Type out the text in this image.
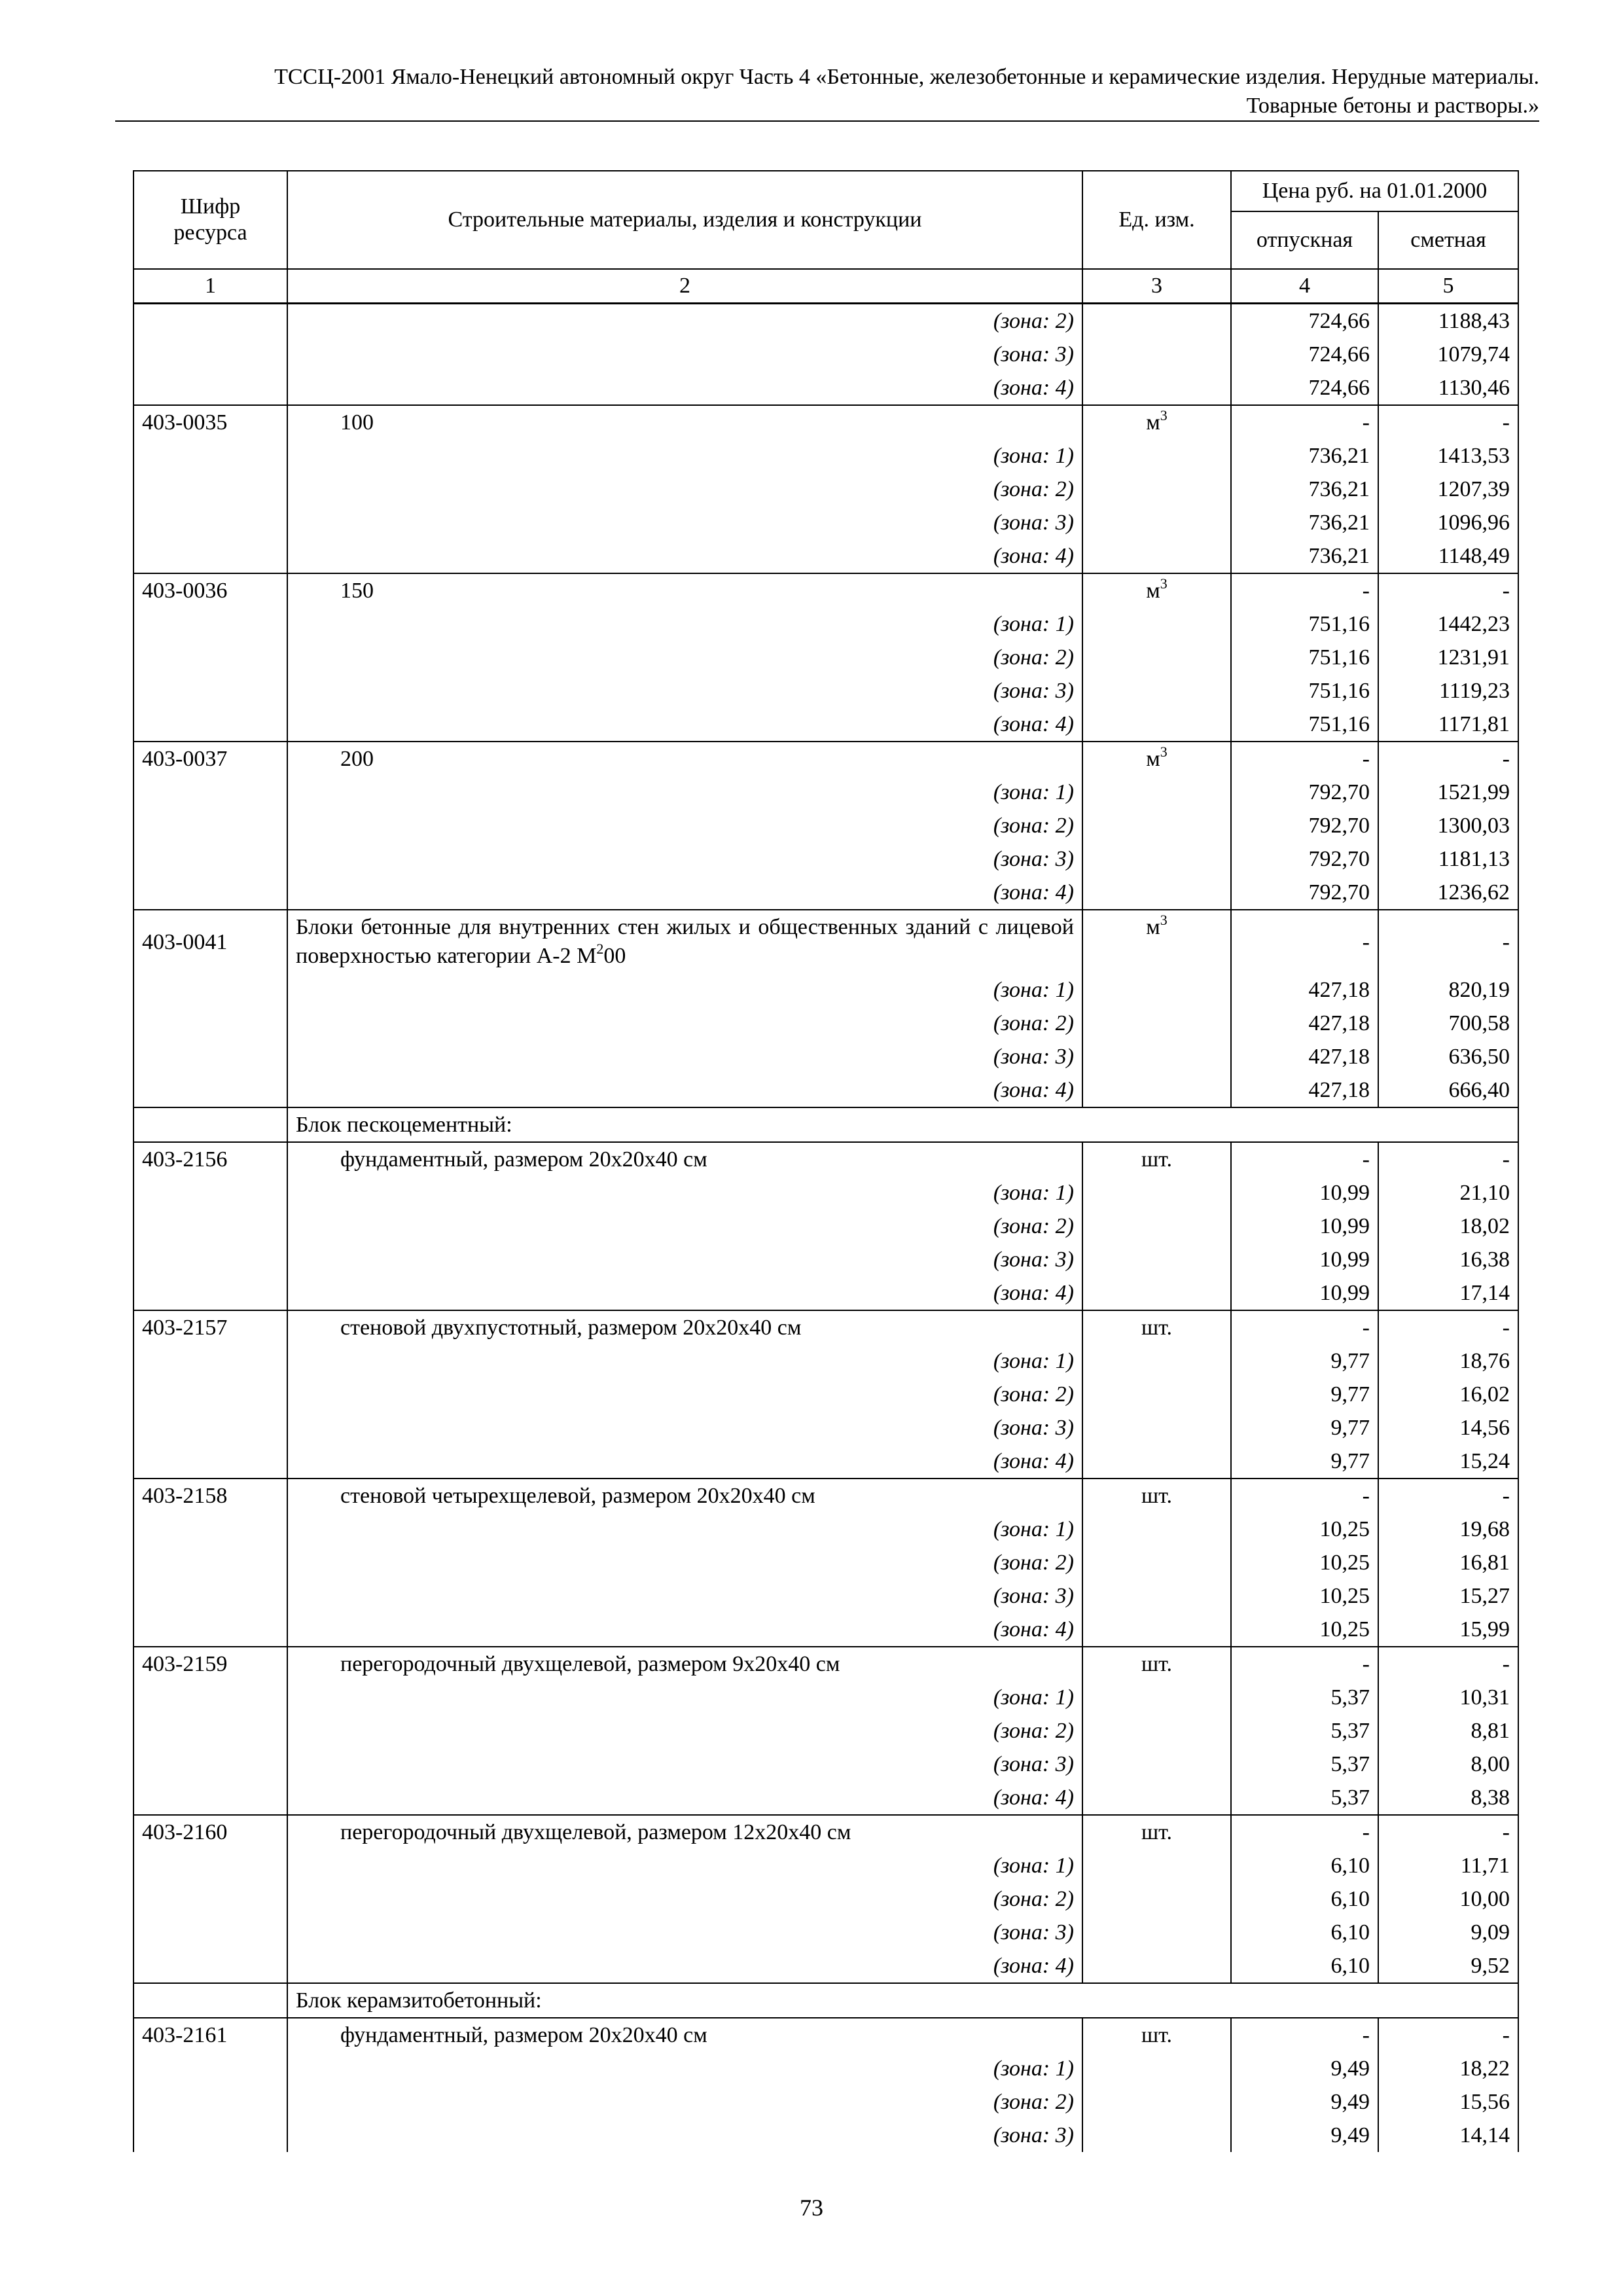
ТССЦ-2001 Ямало-Ненецкий автономный округ Часть 4 «Бетонные, железобетонные и керамические изделия. Нерудные материалы.
Товарные бетоны и растворы.»
Шифр ресурса	Строительные материалы, изделия и конструкции	Ед. изм.	Цена руб. на 01.01.2000	
			отпускная	сметная
1	2	3	4	5
	(зона: 2)		724,66	1188,43
	(зона: 3)		724,66	1079,74
	(зона: 4)		724,66	1130,46
403-0035	100	$м^3$	-	-
	(зона: 1)		736,21	1413,53
	(зона: 2)		736,21	1207,39
	(зона: 3)		736,21	1096,96
	(зона: 4)		736,21	1148,49
403-0036	150	$м^3$	-	-
	(зона: 1)		751,16	1442,23
	(зона: 2)		751,16	1231,91
	(зона: 3)		751,16	1119,23
	(зона: 4)		751,16	1171,81
403-0037	200	$м^3$	-	-
	(зона: 1)		792,70	1521,99
	(зона: 2)		792,70	1300,03
	(зона: 3)		792,70	1181,13
	(зона: 4)		792,70	1236,62
403-0041	Блоки бетонные для внутренних стен жилых и общественных зданий с лицевой поверхностью категории А-2 $М^200$	$м^3$	-	-
	(зона: 1)		427,18	820,19
	(зона: 2)		427,18	700,58
	(зона: 3)		427,18	636,50
	(зона: 4)		427,18	666,40
	Блок пескоцементный:			
403-2156	фундаментный, размером 20х20х40 см	шт.	-	-
	(зона: 1)		10,99	21,10
	(зона: 2)		10,99	18,02
	(зона: 3)		10,99	16,38
	(зона: 4)		10,99	17,14
403-2157	стеновой двухпустотный, размером 20х20х40 см	шт.	-	-
	(зона: 1)		9,77	18,76
	(зона: 2)		9,77	16,02
	(зона: 3)		9,77	14,56
	(зона: 4)		9,77	15,24
403-2158	стеновой четырехщелевой, размером 20х20х40 см	шт.	-	-
	(зона: 1)		10,25	19,68
	(зона: 2)		10,25	16,81
	(зона: 3)		10,25	15,27
	(зона: 4)		10,25	15,99
403-2159	перегородочный двухщелевой, размером 9х20х40 см	шт.	-	-
	(зона: 1)		5,37	10,31
	(зона: 2)		5,37	8,81
	(зона: 3)		5,37	8,00
	(зона: 4)		5,37	8,38
403-2160	перегородочный двухщелевой, размером 12х20х40 см	шт.	-	-
	(зона: 1)		6,10	11,71
	(зона: 2)		6,10	10,00
	(зона: 3)		6,10	9,09
	(зона: 4)		6,10	9,52
	Блок керамзитобетонный:			
403-2161	фундаментный, размером 20х20х40 см	шт.	-	-
	(зона: 1)		9,49	18,22
	(зона: 2)		9,49	15,56
	(зона: 3)		9,49	14,14
73
